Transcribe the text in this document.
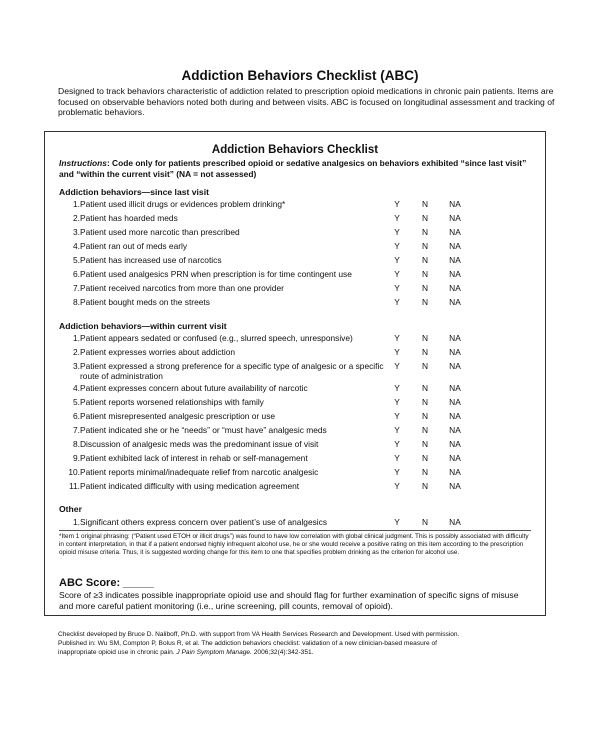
Addiction Behaviors Checklist (ABC)
Designed to track behaviors characteristic of addiction related to prescription opioid medications in chronic pain patients. Items are focused on observable behaviors noted both during and between visits. ABC is focused on longitudinal assessment and tracking of problematic behaviors.
Addiction Behaviors Checklist
Instructions: Code only for patients prescribed opioid or sedative analgesics on behaviors exhibited “since last visit” and “within the current visit” (NA = not assessed)
Addiction behaviors—since last visit
1. Patient used illicit drugs or evidences problem drinking*	Y	N	NA
2. Patient has hoarded meds	Y	N	NA
3. Patient used more narcotic than prescribed	Y	N	NA
4. Patient ran out of meds early	Y	N	NA
5. Patient has increased use of narcotics	Y	N	NA
6. Patient used analgesics PRN when prescription is for time contingent use	Y	N	NA
7. Patient received narcotics from more than one provider	Y	N	NA
8. Patient bought meds on the streets	Y	N	NA
Addiction behaviors—within current visit
1. Patient appears sedated or confused (e.g., slurred speech, unresponsive)	Y	N	NA
2. Patient expresses worries about addiction	Y	N	NA
3. Patient expressed a strong preference for a specific type of analgesic or a specific route of administration
Y	N	NA
4. Patient expresses concern about future availability of narcotic	Y	N	NA
5. Patient reports worsened relationships with family	Y	N	NA
6. Patient misrepresented analgesic prescription or use	Y	N	NA
7. Patient indicated she or he “needs” or “must have” analgesic meds	Y	N	NA
8. Discussion of analgesic meds was the predominant issue of visit	Y	N	NA
9. Patient exhibited lack of interest in rehab or self-management	Y	N	NA
10. Patient reports minimal/inadequate relief from narcotic analgesic	Y	N	NA
11. Patient indicated difficulty with using medication agreement	Y	N	NA
Other
1. Significant others express concern over patient’s use of analgesics	Y	N	NA
*Item 1 original phrasing: (“Patient used ETOH or illicit drugs”) was found to have low correlation with global clinical judgment. This is possibly associated with difficulty in content interpretation, in that if a patient endorsed highly infrequent alcohol use, he or she would receive a positive rating on this item according to the prescription opioid misuse criteria. Thus, it is suggested wording change for this item to one that specifies problem drinking as the criterion for alcohol use.
ABC Score: _____
Score of ≥3 indicates possible inappropriate opioid use and should flag for further examination of specific signs of misuse and more careful patient monitoring (i.e., urine screening, pill counts, removal of opioid).
Checklist developed by Bruce D. Naliboff, Ph.D. with support from VA Health Services Research and Development. Used with permission.
Published in: Wu SM, Compton P, Bolus R, et al. The addiction behaviors checklist: validation of a new clinician-based measure of
inappropriate opioid use in chronic pain. J Pain Symptom Manage. 2006;32(4):342-351.
